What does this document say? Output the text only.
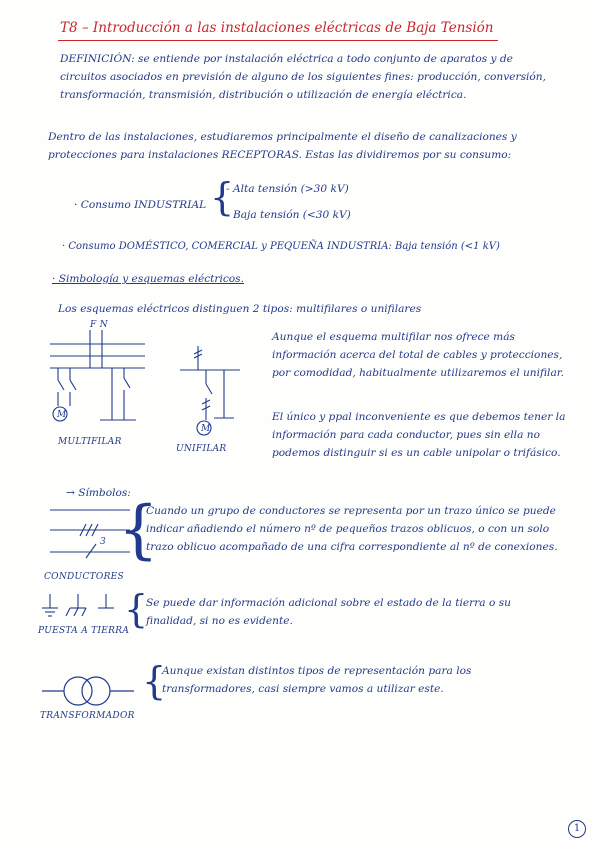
T8 – Introducción a las instalaciones eléctricas de Baja Tensión
DEFINICIÓN: se entiende por instalación eléctrica a todo conjunto de aparatos y de circuitos asociados en previsión de alguno de los siguientes fines: producción, conversión, transformación, transmisión, distribución o utilización de energía eléctrica.
Dentro de las instalaciones, estudiaremos principalmente el diseño de canalizaciones y protecciones para instalaciones RECEPTORAS. Estas las dividiremos por su consumo:
· Consumo INDUSTRIAL {
- Alta tensión (>30 kV)
- Baja tensión (<30 kV)
· Consumo DOMÉSTICO, COMERCIAL y PEQUEÑA INDUSTRIA: Baja tensión (<1 kV)
· Simbología y esquemas eléctricos.
Los esquemas eléctricos distinguen 2 tipos: multifilares o unifilares
F N
M
MULTIFILAR
M
UNIFILAR
Aunque el esquema multifilar nos ofrece más información acerca del total de cables y protecciones, por comodidad, habitualmente utilizaremos el unifilar.
El único y ppal inconveniente es que debemos tener la información para cada conductor, pues sin ella no podemos distinguir si es un cable unipolar o trifásico.
→ Símbolos:
3
CONDUCTORES
{
Cuando un grupo de conductores se representa por un trazo único se puede indicar añadiendo el número nº de pequeños trazos oblicuos, o con un solo trazo oblicuo acompañado de una cifra correspondiente al nº de conexiones.
PUESTA A TIERRA
{
Se puede dar información adicional sobre el estado de la tierra o su finalidad, si no es evidente.
TRANSFORMADOR
{
Aunque existan distintos tipos de representación para los transformadores, casi siempre vamos a utilizar este.
1
